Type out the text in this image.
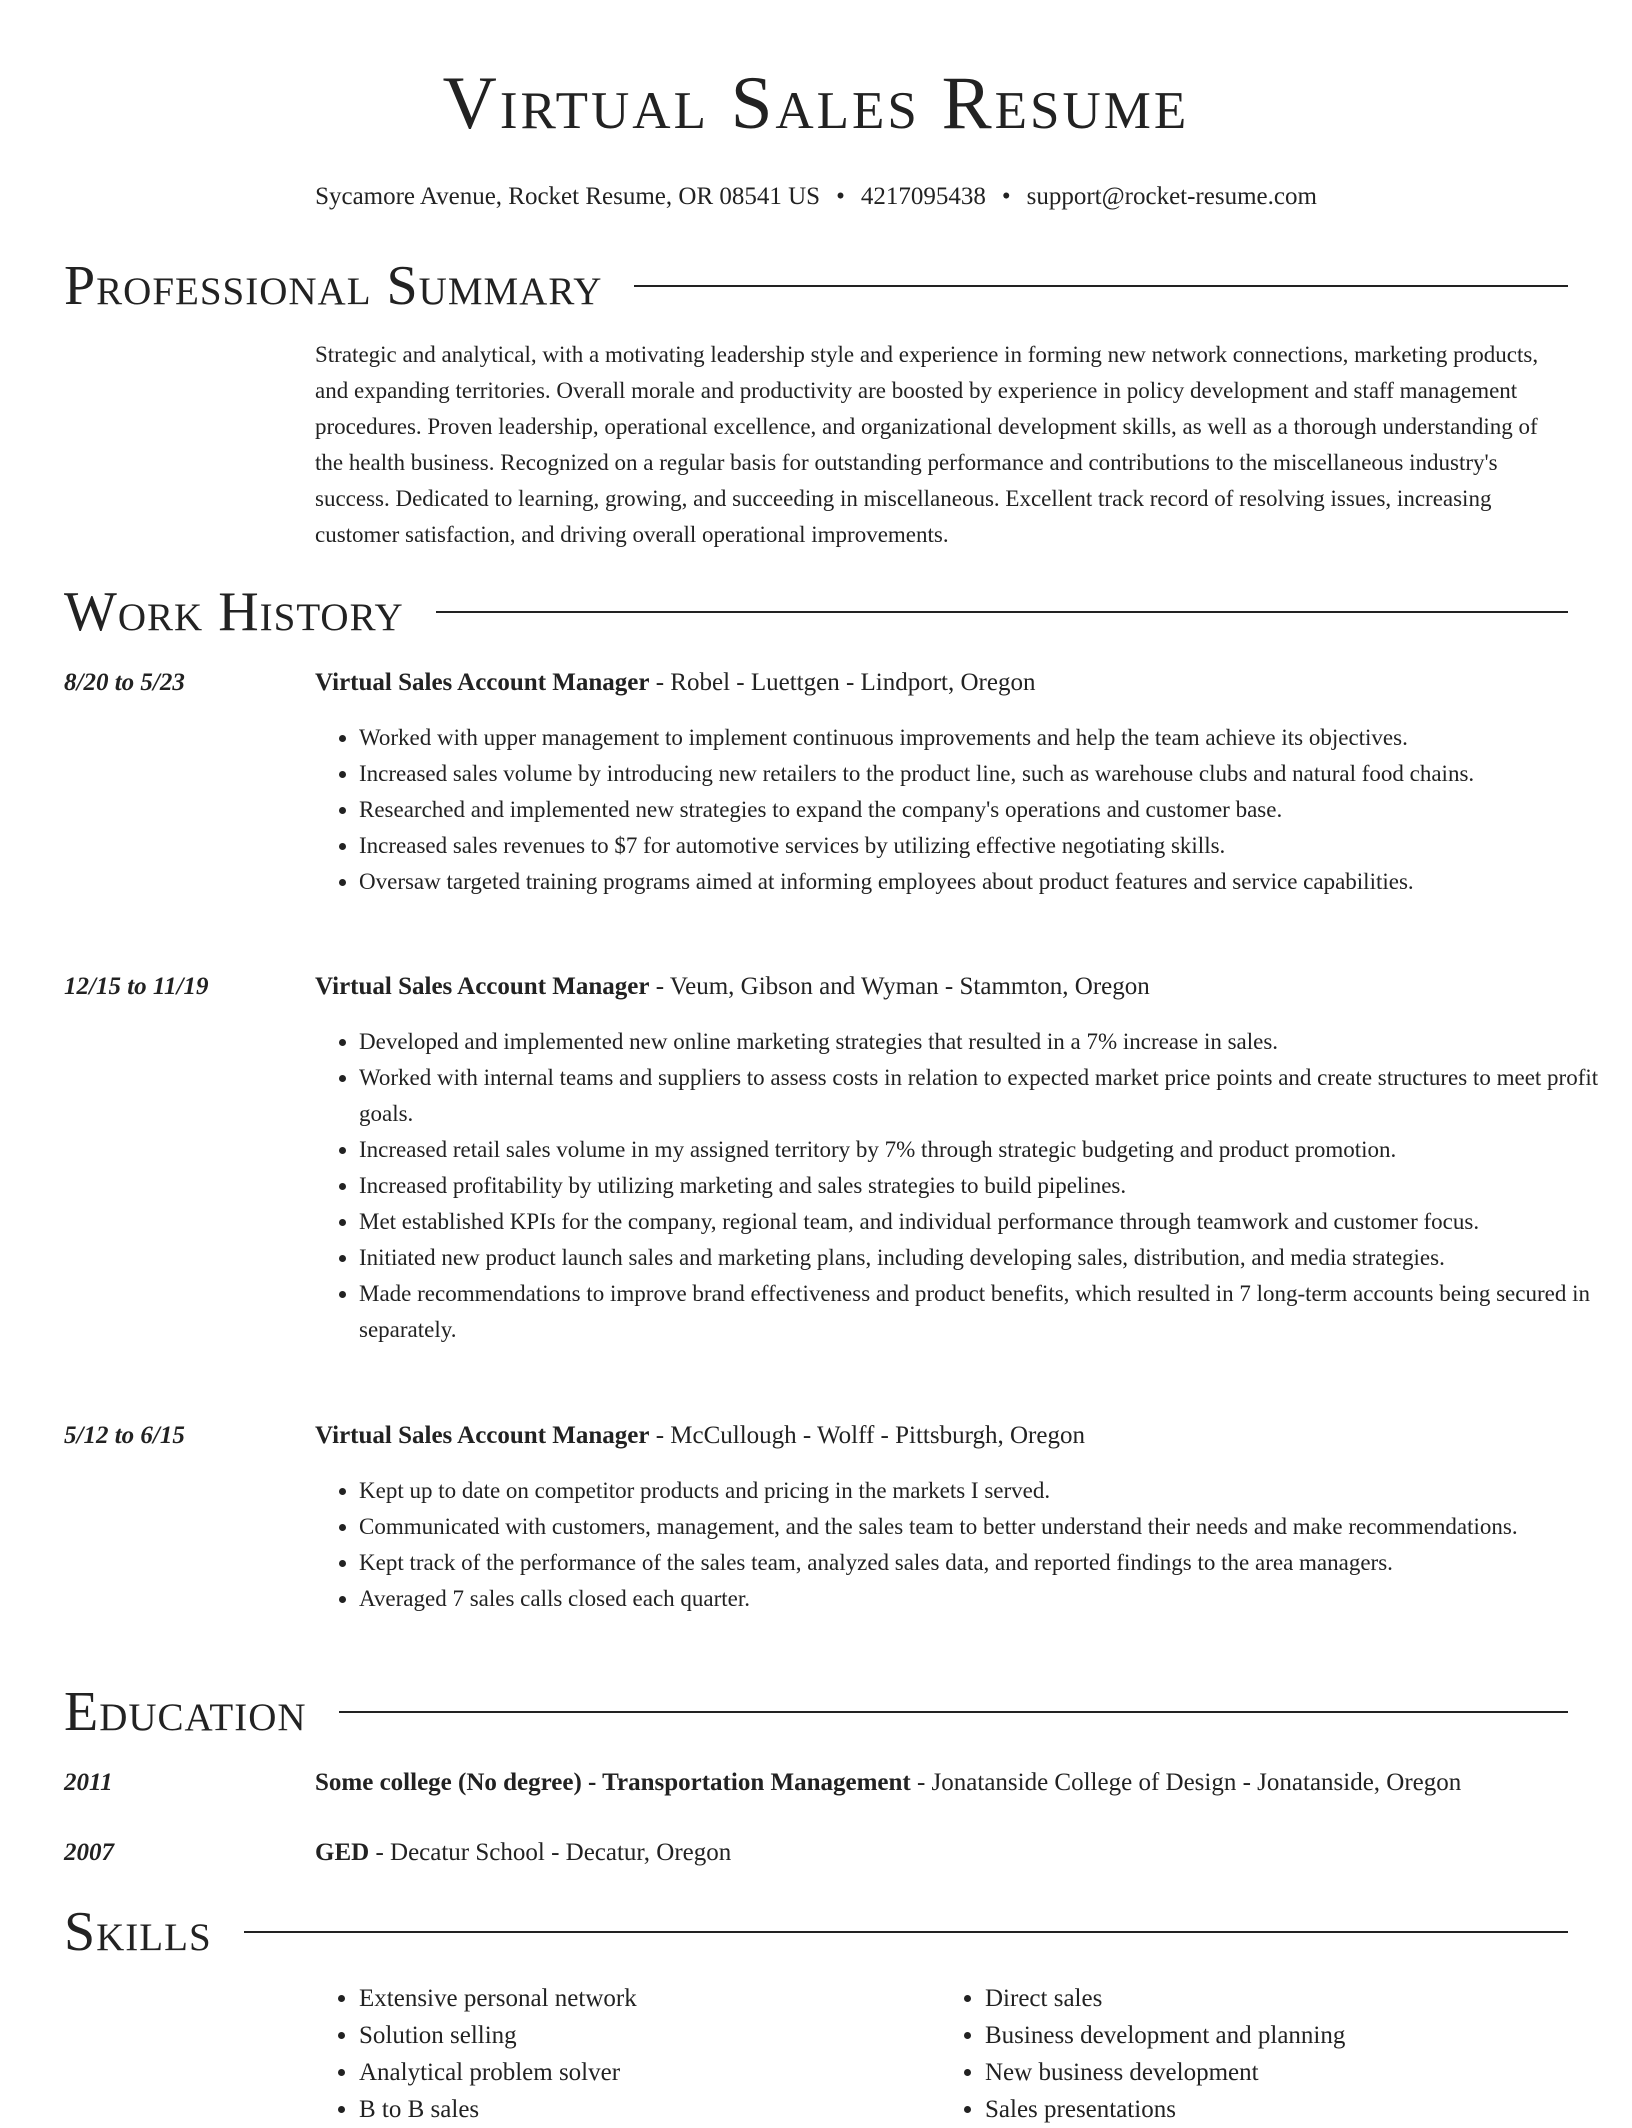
Virtual Sales Resume
Sycamore Avenue, Rocket Resume, OR 08541 US • 4217095438 • support@rocket-resume.com
Professional Summary

Strategic and analytical, with a motivating leadership style and experience in forming new network connections, marketing products, and expanding territories. Overall morale and productivity are boosted by experience in policy development and staff management procedures. Proven leadership, operational excellence, and organizational development skills, as well as a thorough understanding of the health business. Recognized on a regular basis for outstanding performance and contributions to the miscellaneous industry's success. Dedicated to learning, growing, and succeeding in miscellaneous. Excellent track record of resolving issues, increasing customer satisfaction, and driving overall operational improvements.

Work History
8/20 to 5/23	Virtual Sales Account Manager - Robel - Luettgen - Lindport, Oregon
• Worked with upper management to implement continuous improvements and help the team achieve its objectives.
• Increased sales volume by introducing new retailers to the product line, such as warehouse clubs and natural food chains.
• Researched and implemented new strategies to expand the company's operations and customer base.
• Increased sales revenues to $7 for automotive services by utilizing effective negotiating skills.
• Oversaw targeted training programs aimed at informing employees about product features and service capabilities.
12/15 to 11/19	Virtual Sales Account Manager - Veum, Gibson and Wyman - Stammton, Oregon
• Developed and implemented new online marketing strategies that resulted in a 7% increase in sales.
• Worked with internal teams and suppliers to assess costs in relation to expected market price points and create structures to meet profit goals.
• Increased retail sales volume in my assigned territory by 7% through strategic budgeting and product promotion.
• Increased profitability by utilizing marketing and sales strategies to build pipelines.
• Met established KPIs for the company, regional team, and individual performance through teamwork and customer focus.
• Initiated new product launch sales and marketing plans, including developing sales, distribution, and media strategies.
• Made recommendations to improve brand effectiveness and product benefits, which resulted in 7 long-term accounts being secured in separately.
5/12 to 6/15	Virtual Sales Account Manager - McCullough - Wolff - Pittsburgh, Oregon
• Kept up to date on competitor products and pricing in the markets I served.
• Communicated with customers, management, and the sales team to better understand their needs and make recommendations.
• Kept track of the performance of the sales team, analyzed sales data, and reported findings to the area managers.
• Averaged 7 sales calls closed each quarter.
Education
2011	Some college (No degree) - Transportation Management - Jonatanside College of Design - Jonatanside, Oregon
2007	GED - Decatur School - Decatur, Oregon
Skills
• Extensive personal network
• Solution selling
• Analytical problem solver
• B to B sales
• Direct sales
• Business development and planning
• New business development
• Sales presentations
